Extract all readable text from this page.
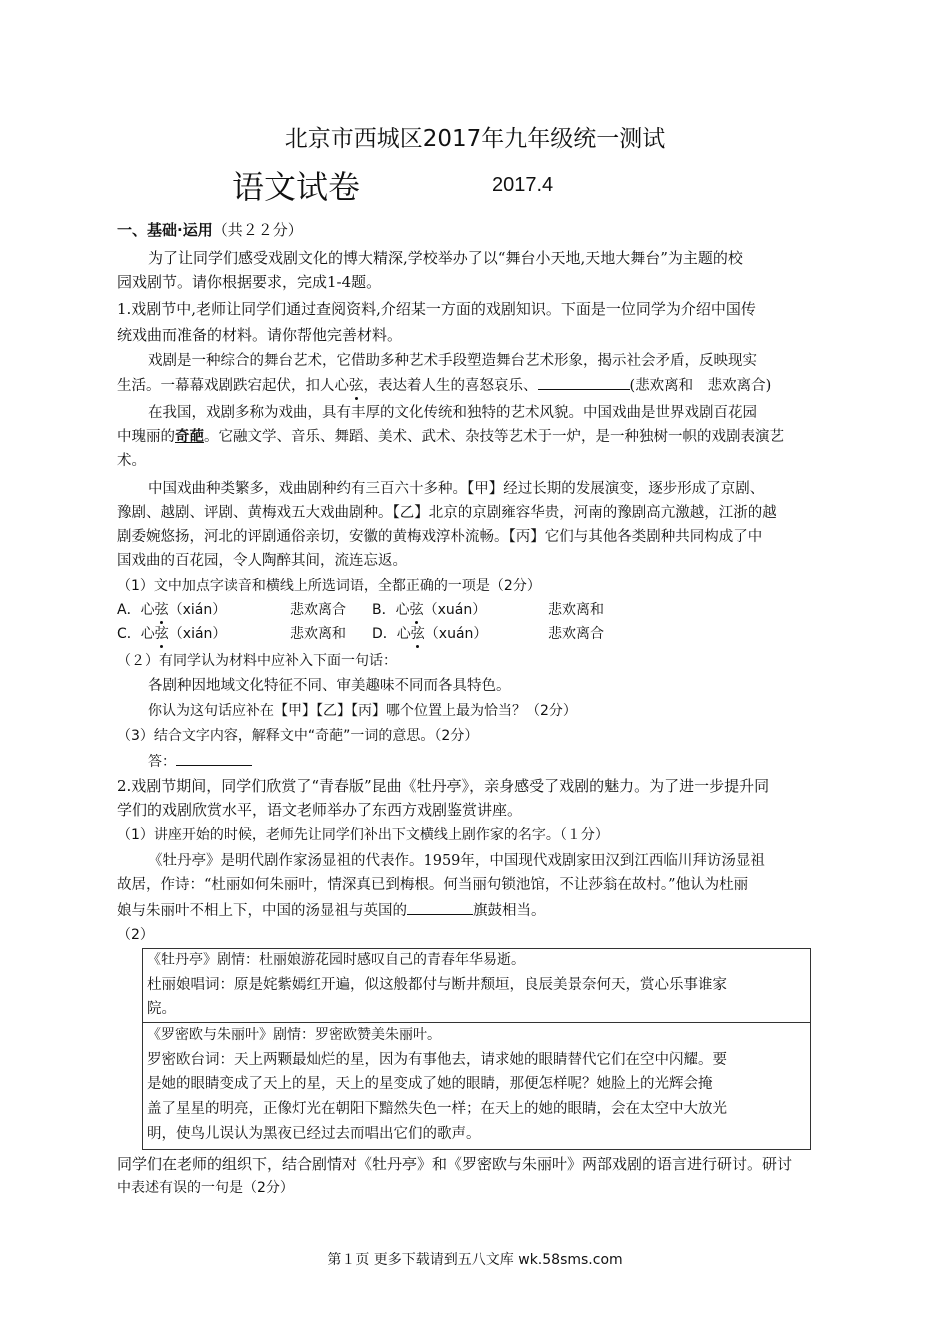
北京市西城区2017年九年级统一测试
语文试卷	2017.4
一、基础·运用（共２２分）
为了让同学们感受戏剧文化的博大精深,学校举办了以“舞台小天地,天地大舞台”为主题的校
园戏剧节。请你根据要求，完成1-4题。
1.戏剧节中,老师让同学们通过查阅资料,介绍某一方面的戏剧知识。下面是一位同学为介绍中国传
统戏曲而准备的材料。请你帮他完善材料。
戏剧是一种综合的舞台艺术，它借助多种艺术手段塑造舞台艺术形象，揭示社会矛盾，反映现实
生活。一幕幕戏剧跌宕起伏，扣人心弦，表达着人生的喜怒哀乐、	(悲欢离和　悲欢离合)
在我国，戏剧多称为戏曲，具有丰厚的文化传统和独特的艺术风貌。中国戏曲是世界戏剧百花园
中瑰丽的奇葩。它融文学、音乐、舞蹈、美术、武术、杂技等艺术于一炉，是一种独树一帜的戏剧表演艺
术。
中国戏曲种类繁多，戏曲剧种约有三百六十多种。【甲】经过长期的发展演变，逐步形成了京剧、
豫剧、越剧、评剧、黄梅戏五大戏曲剧种。【乙】北京的京剧雍容华贵，河南的豫剧高亢激越，江浙的越
剧委婉悠扬，河北的评剧通俗亲切，安徽的黄梅戏淳朴流畅。【丙】它们与其他各类剧种共同构成了中
国戏曲的百花园，令人陶醉其间，流连忘返。
（1）文中加点字读音和横线上所选词语，全都正确的一项是（2分）
A．心弦（xián）	悲欢离合 B．心弦（xuán）	悲欢离和
C．心弦（xián）	悲欢离和 D．心弦（xuán）	悲欢离合
（２）有同学认为材料中应补入下面一句话：
各剧种因地域文化特征不同、审美趣味不同而各具特色。
你认为这句话应补在【甲】【乙】【丙】哪个位置上最为恰当？（2分）
（3）结合文字内容，解释文中“奇葩”一词的意思。（2分）
答：
2.戏剧节期间，同学们欣赏了“青春版”昆曲《牡丹亭》，亲身感受了戏剧的魅力。为了进一步提升同
学们的戏剧欣赏水平，语文老师举办了东西方戏剧鉴赏讲座。
（1）讲座开始的时候，老师先让同学们补出下文横线上剧作家的名字。（１分）
《牡丹亭》是明代剧作家汤显祖的代表作。1959年，中国现代戏剧家田汉到江西临川拜访汤显祖
故居，作诗：“杜丽如何朱丽叶，情深真已到梅根。何当丽句锁池馆，不让莎翁在故村。”他认为杜丽
娘与朱丽叶不相上下，中国的汤显祖与英国的	旗鼓相当。
（2）
《牡丹亭》剧情：杜丽娘游花园时感叹自己的青春年华易逝。
杜丽娘唱词：原是姹紫嫣红开遍，似这般都付与断井颓垣，良辰美景奈何天，赏心乐事谁家
院。
《罗密欧与朱丽叶》剧情：罗密欧赞美朱丽叶。
罗密欧台词：天上两颗最灿烂的星，因为有事他去，请求她的眼睛替代它们在空中闪耀。要
是她的眼睛变成了天上的星，天上的星变成了她的眼睛，那便怎样呢？她脸上的光辉会掩
盖了星星的明亮，正像灯光在朝阳下黯然失色一样；在天上的她的眼睛，会在太空中大放光
明，使鸟儿误认为黑夜已经过去而唱出它们的歌声。
同学们在老师的组织下，结合剧情对《牡丹亭》和《罗密欧与朱丽叶》两部戏剧的语言进行研讨。研讨
中表述有误的一句是（2分）
第１页 更多下载请到五八文库 wk.58sms.com
